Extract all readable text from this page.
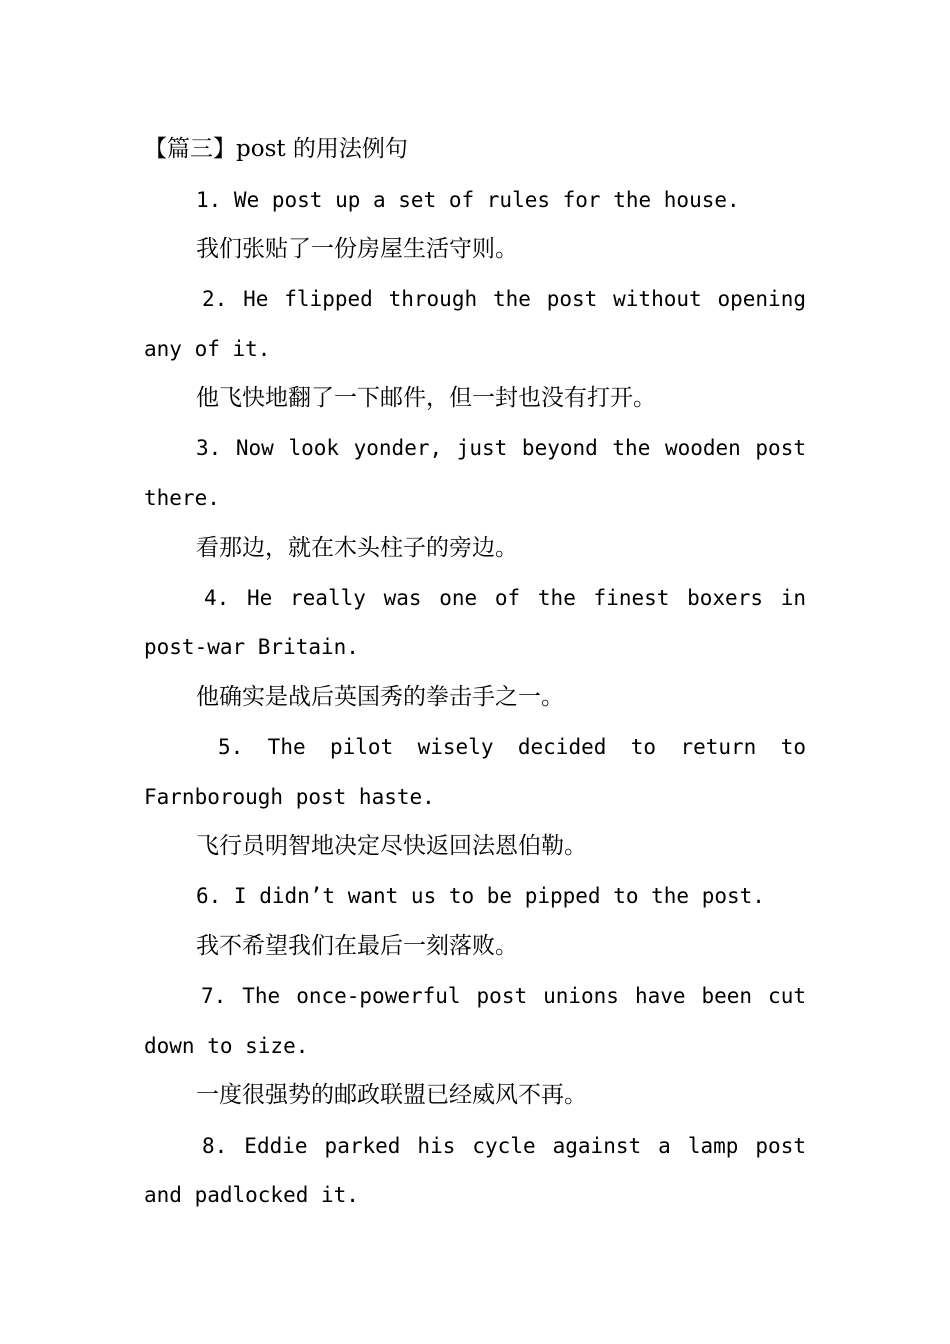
【篇三】post 的用法例句
1. We post up a set of rules for the house.
我们张贴了一份房屋生活守则。
2. He flipped through the post without opening
any of it.
他飞快地翻了一下邮件，但一封也没有打开。
3. Now look yonder, just beyond the wooden post
there.
看那边，就在木头柱子的旁边。
4. He really was one of the finest boxers in
post-war Britain.
他确实是战后英国秀的拳击手之一。
5. The pilot wisely decided to return to
Farnborough post haste.
飞行员明智地决定尽快返回法恩伯勒。
6. I didn’t want us to be pipped to the post.
我不希望我们在最后一刻落败。
7. The once-powerful post unions have been cut
down to size.
一度很强势的邮政联盟已经威风不再。
8. Eddie parked his cycle against a lamp post
and padlocked it.
